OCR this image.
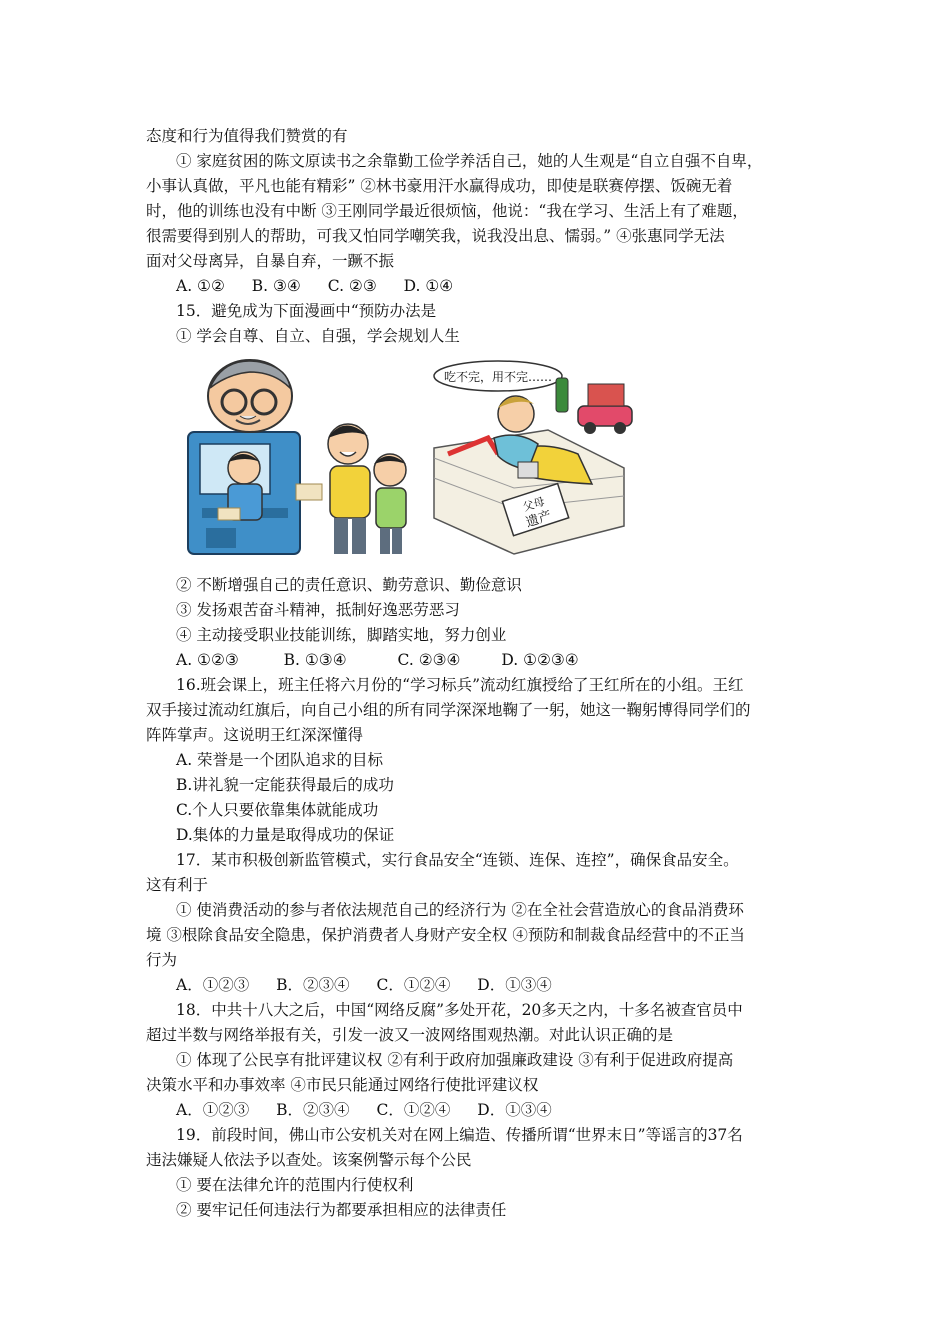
态度和行为值得我们赞赏的有
① 家庭贫困的陈文原读书之余靠勤工俭学养活自己，她的人生观是“自立自强不自卑，
小事认真做，平凡也能有精彩” ②林书豪用汗水赢得成功，即使是联赛停摆、饭碗无着
时，他的训练也没有中断 ③王刚同学最近很烦恼，他说：“我在学习、生活上有了难题，
很需要得到别人的帮助，可我又怕同学嘲笑我，说我没出息、懦弱。” ④张惠同学无法
面对父母离异，自暴自弃，一蹶不振
A. ①② B. ③④ C. ②③ D. ①④
15．避免成为下面漫画中“预防办法是
① 学会自尊、自立、自强，学会规划人生
吃不完，用不完……
父母
遗产
② 不断增强自己的责任意识、勤劳意识、勤俭意识
③ 发扬艰苦奋斗精神，抵制好逸恶劳恶习
④ 主动接受职业技能训练，脚踏实地，努力创业
A. ①②③	B. ①③④	C. ②③④	D. ①②③④
16.班会课上，班主任将六月份的“学习标兵”流动红旗授给了王红所在的小组。王红
双手接过流动红旗后，向自己小组的所有同学深深地鞠了一躬，她这一鞠躬博得同学们的
阵阵掌声。这说明王红深深懂得
A. 荣誉是一个团队追求的目标
B.讲礼貌一定能获得最后的成功
C.个人只要依靠集体就能成功
D.集体的力量是取得成功的保证
17．某市积极创新监管模式，实行食品安全“连锁、连保、连控”，确保食品安全。
这有利于
① 使消费活动的参与者依法规范自己的经济行为 ②在全社会营造放心的食品消费环
境 ③根除食品安全隐患，保护消费者人身财产安全权 ④预防和制裁食品经营中的不正当
行为
A．①②③ B．②③④ C．①②④ D．①③④
18．中共十八大之后，中国“网络反腐”多处开花，20多天之内，十多名被查官员中
超过半数与网络举报有关，引发一波又一波网络围观热潮。对此认识正确的是
① 体现了公民享有批评建议权 ②有利于政府加强廉政建设 ③有利于促进政府提高
决策水平和办事效率 ④市民只能通过网络行使批评建议权
A．①②③ B．②③④ C．①②④ D．①③④
19．前段时间，佛山市公安机关对在网上编造、传播所谓“世界末日”等谣言的37名
违法嫌疑人依法予以查处。该案例警示每个公民
① 要在法律允许的范围内行使权利
② 要牢记任何违法行为都要承担相应的法律责任
